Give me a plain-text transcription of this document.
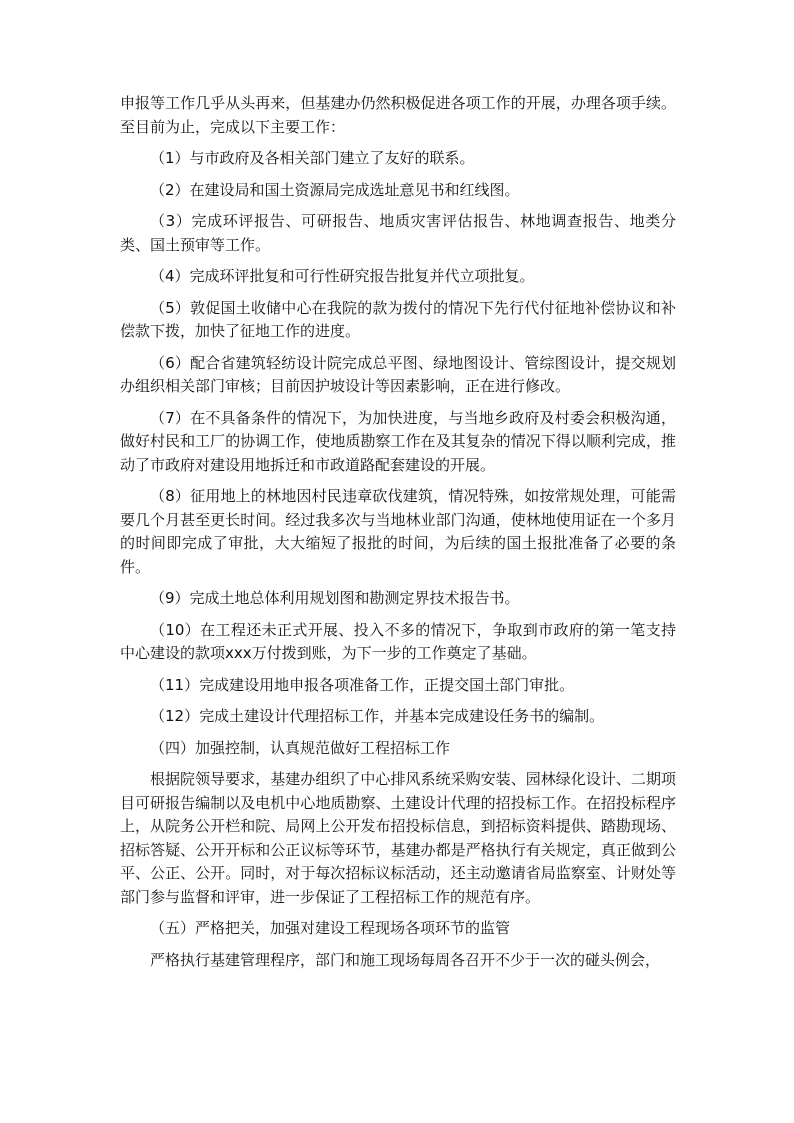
申报等工作几乎从头再来，但基建办仍然积极促进各项工作的开展，办理各项手续。至目前为止，完成以下主要工作：

（1）与市政府及各相关部门建立了友好的联系。

（2）在建设局和国土资源局完成选址意见书和红线图。

（3）完成环评报告、可研报告、地质灾害评估报告、林地调查报告、地类分类、国土预审等工作。

（4）完成环评批复和可行性研究报告批复并代立项批复。

（5）敦促国土收储中心在我院的款为拨付的情况下先行代付征地补偿协议和补偿款下拨，加快了征地工作的进度。

（6）配合省建筑轻纺设计院完成总平图、绿地图设计、管综图设计，提交规划办组织相关部门审核；目前因护坡设计等因素影响，正在进行修改。

（7）在不具备条件的情况下，为加快进度，与当地乡政府及村委会积极沟通，做好村民和工厂的协调工作，使地质勘察工作在及其复杂的情况下得以顺利完成，推动了市政府对建设用地拆迁和市政道路配套建设的开展。

（8）征用地上的林地因村民违章砍伐建筑，情况特殊，如按常规处理，可能需要几个月甚至更长时间。经过我多次与当地林业部门沟通，使林地使用证在一个多月的时间即完成了审批，大大缩短了报批的时间，为后续的国土报批准备了必要的条件。

（9）完成土地总体利用规划图和勘测定界技术报告书。

（10）在工程还未正式开展、投入不多的情况下，争取到市政府的第一笔支持中心建设的款项xxx万付拨到账，为下一步的工作奠定了基础。

（11）完成建设用地申报各项准备工作，正提交国土部门审批。

（12）完成土建设计代理招标工作，并基本完成建设任务书的编制。

（四）加强控制，认真规范做好工程招标工作

根据院领导要求，基建办组织了中心排风系统采购安装、园林绿化设计、二期项目可研报告编制以及电机中心地质勘察、土建设计代理的招投标工作。在招投标程序上，从院务公开栏和院、局网上公开发布招投标信息，到招标资料提供、踏勘现场、招标答疑、公开开标和公正议标等环节，基建办都是严格执行有关规定，真正做到公平、公正、公开。同时，对于每次招标议标活动，还主动邀请省局监察室、计财处等部门参与监督和评审，进一步保证了工程招标工作的规范有序。

（五）严格把关，加强对建设工程现场各项环节的监管

严格执行基建管理程序，部门和施工现场每周各召开不少于一次的碰头例会，
